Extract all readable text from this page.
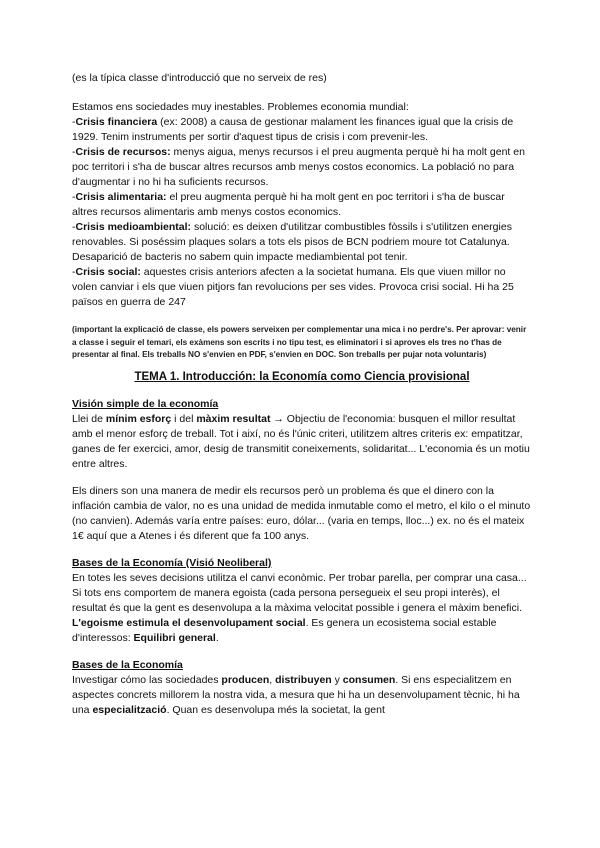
(es la típica classe d'introducció que no serveix de res)

Estamos ens sociedades muy inestables. Problemes economia mundial:

-Crisis financiera (ex: 2008) a causa de gestionar malament les finances igual que la crisis de 1929. Tenim instruments per sortir d'aquest tipus de crisis i com prevenir-les.

-Crisis de recursos: menys aigua, menys recursos i el preu augmenta perquè hi ha molt gent en poc territori i s'ha de buscar altres recursos amb menys costos economics. La població no para d'augmentar i no hi ha suficients recursos.

-Crisis alimentaria: el preu augmenta perquè hi ha molt gent en poc territori i s'ha de buscar altres recursos alimentaris amb menys costos economics.

-Crisis medioambiental: solució: es deixen d'utilitzar combustibles fòssils i s'utilitzen energies renovables. Si poséssim plaques solars a tots els pisos de BCN podriem moure tot Catalunya. Desaparició de bacteris no sabem quin impacte mediambiental pot tenir.

-Crisis social: aquestes crisis anteriors afecten a la societat humana. Els que viuen millor no volen canviar i els que viuen pitjors fan revolucions per ses vides. Provoca crisi social. Hi ha 25 països en guerra de 247

(important la explicació de classe, els powers serveixen per complementar una mica i no perdre's. Per aprovar: venir a classe i seguir el temari, els exàmens son escrits i no tipu test, es eliminatori i si aproves els tres no t'has de presentar al final. Els treballs NO s'envien en PDF, s'envien en DOC. Son treballs per pujar nota voluntaris)

TEMA 1. Introducción: la Economía como Ciencia provisional

Visión simple de la economía

Llei de mínim esforç i del màxim resultat → Objectiu de l'economia: busquen el millor resultat amb el menor esforç de treball. Tot i així, no és l'únic criteri, utilitzem altres criteris ex: empatitzar, ganes de fer exercici, amor, desig de transmitit coneixements, solidaritat... L'economia és un motiu entre altres.

Els diners son una manera de medir els recursos però un problema és que el dinero con la inflación cambia de valor, no es una unidad de medida inmutable como el metro, el kilo o el minuto (no canvien). Además varía entre países: euro, dólar... (varia en temps, lloc...) ex. no és el mateix 1€ aquí que a Atenes i és diferent que fa 100 anys.

Bases de la Economía (Visió Neoliberal)

En totes les seves decisions utilitza el canvi econòmic. Per trobar parella, per comprar una casa...

Si tots ens comportem de manera egoista (cada persona persegueix el seu propi interès), el resultat és que la gent es desenvolupa a la màxima velocitat possible i genera el màxim benefici. L'egoisme estimula el desenvolupament social. Es genera un ecosistema social estable d'interessos: Equilibri general.

Bases de la Economía

Investigar cómo las sociedades producen, distribuyen y consumen. Si ens especialitzem en aspectes concrets millorem la nostra vida, a mesura que hi ha un desenvolupament tècnic, hi ha una especialització. Quan es desenvolupa més la societat, la gent
